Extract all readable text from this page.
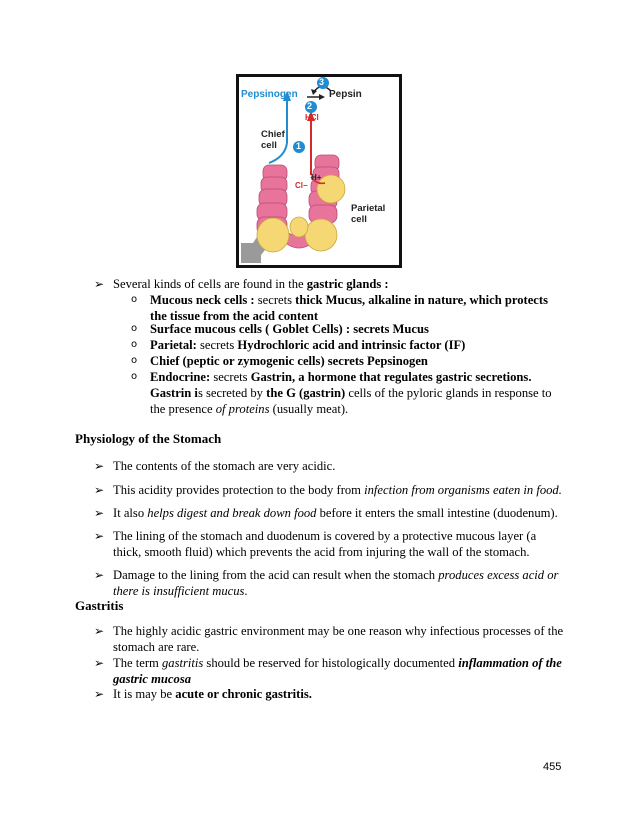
3
2
1
Pepsinogen	Pepsin
HCl
Chief
cell
H+
Cl−
Parietal
cell
➢ Several kinds of cells are found in the gastric glands :
o Mucous neck cells : secrets thick Mucus, alkaline in nature, which protects
the tissue from the acid content
o Surface mucous cells ( Goblet Cells) : secrets Mucus
o Parietal: secrets Hydrochloric acid and intrinsic factor (IF)
o Chief (peptic or zymogenic cells) secrets Pepsinogen
o Endocrine: secrets Gastrin, a hormone that regulates gastric secretions.
Gastrin is secreted by the G (gastrin) cells of the pyloric glands in response to
the presence of proteins (usually meat).
Physiology of the Stomach
➢ The contents of the stomach are very acidic.
➢ This acidity provides protection to the body from infection from organisms eaten in food.
➢ It also helps digest and break down food before it enters the small intestine (duodenum).
➢ The lining of the stomach and duodenum is covered by a protective mucous layer (a
thick, smooth fluid) which prevents the acid from injuring the wall of the stomach.
➢ Damage to the lining from the acid can result when the stomach produces excess acid or
there is insufficient mucus.
Gastritis
➢ The highly acidic gastric environment may be one reason why infectious processes of the
stomach are rare.
➢ The term gastritis should be reserved for histologically documented inflammation of the
gastric mucosa
➢ It is may be acute or chronic gastritis.
455
